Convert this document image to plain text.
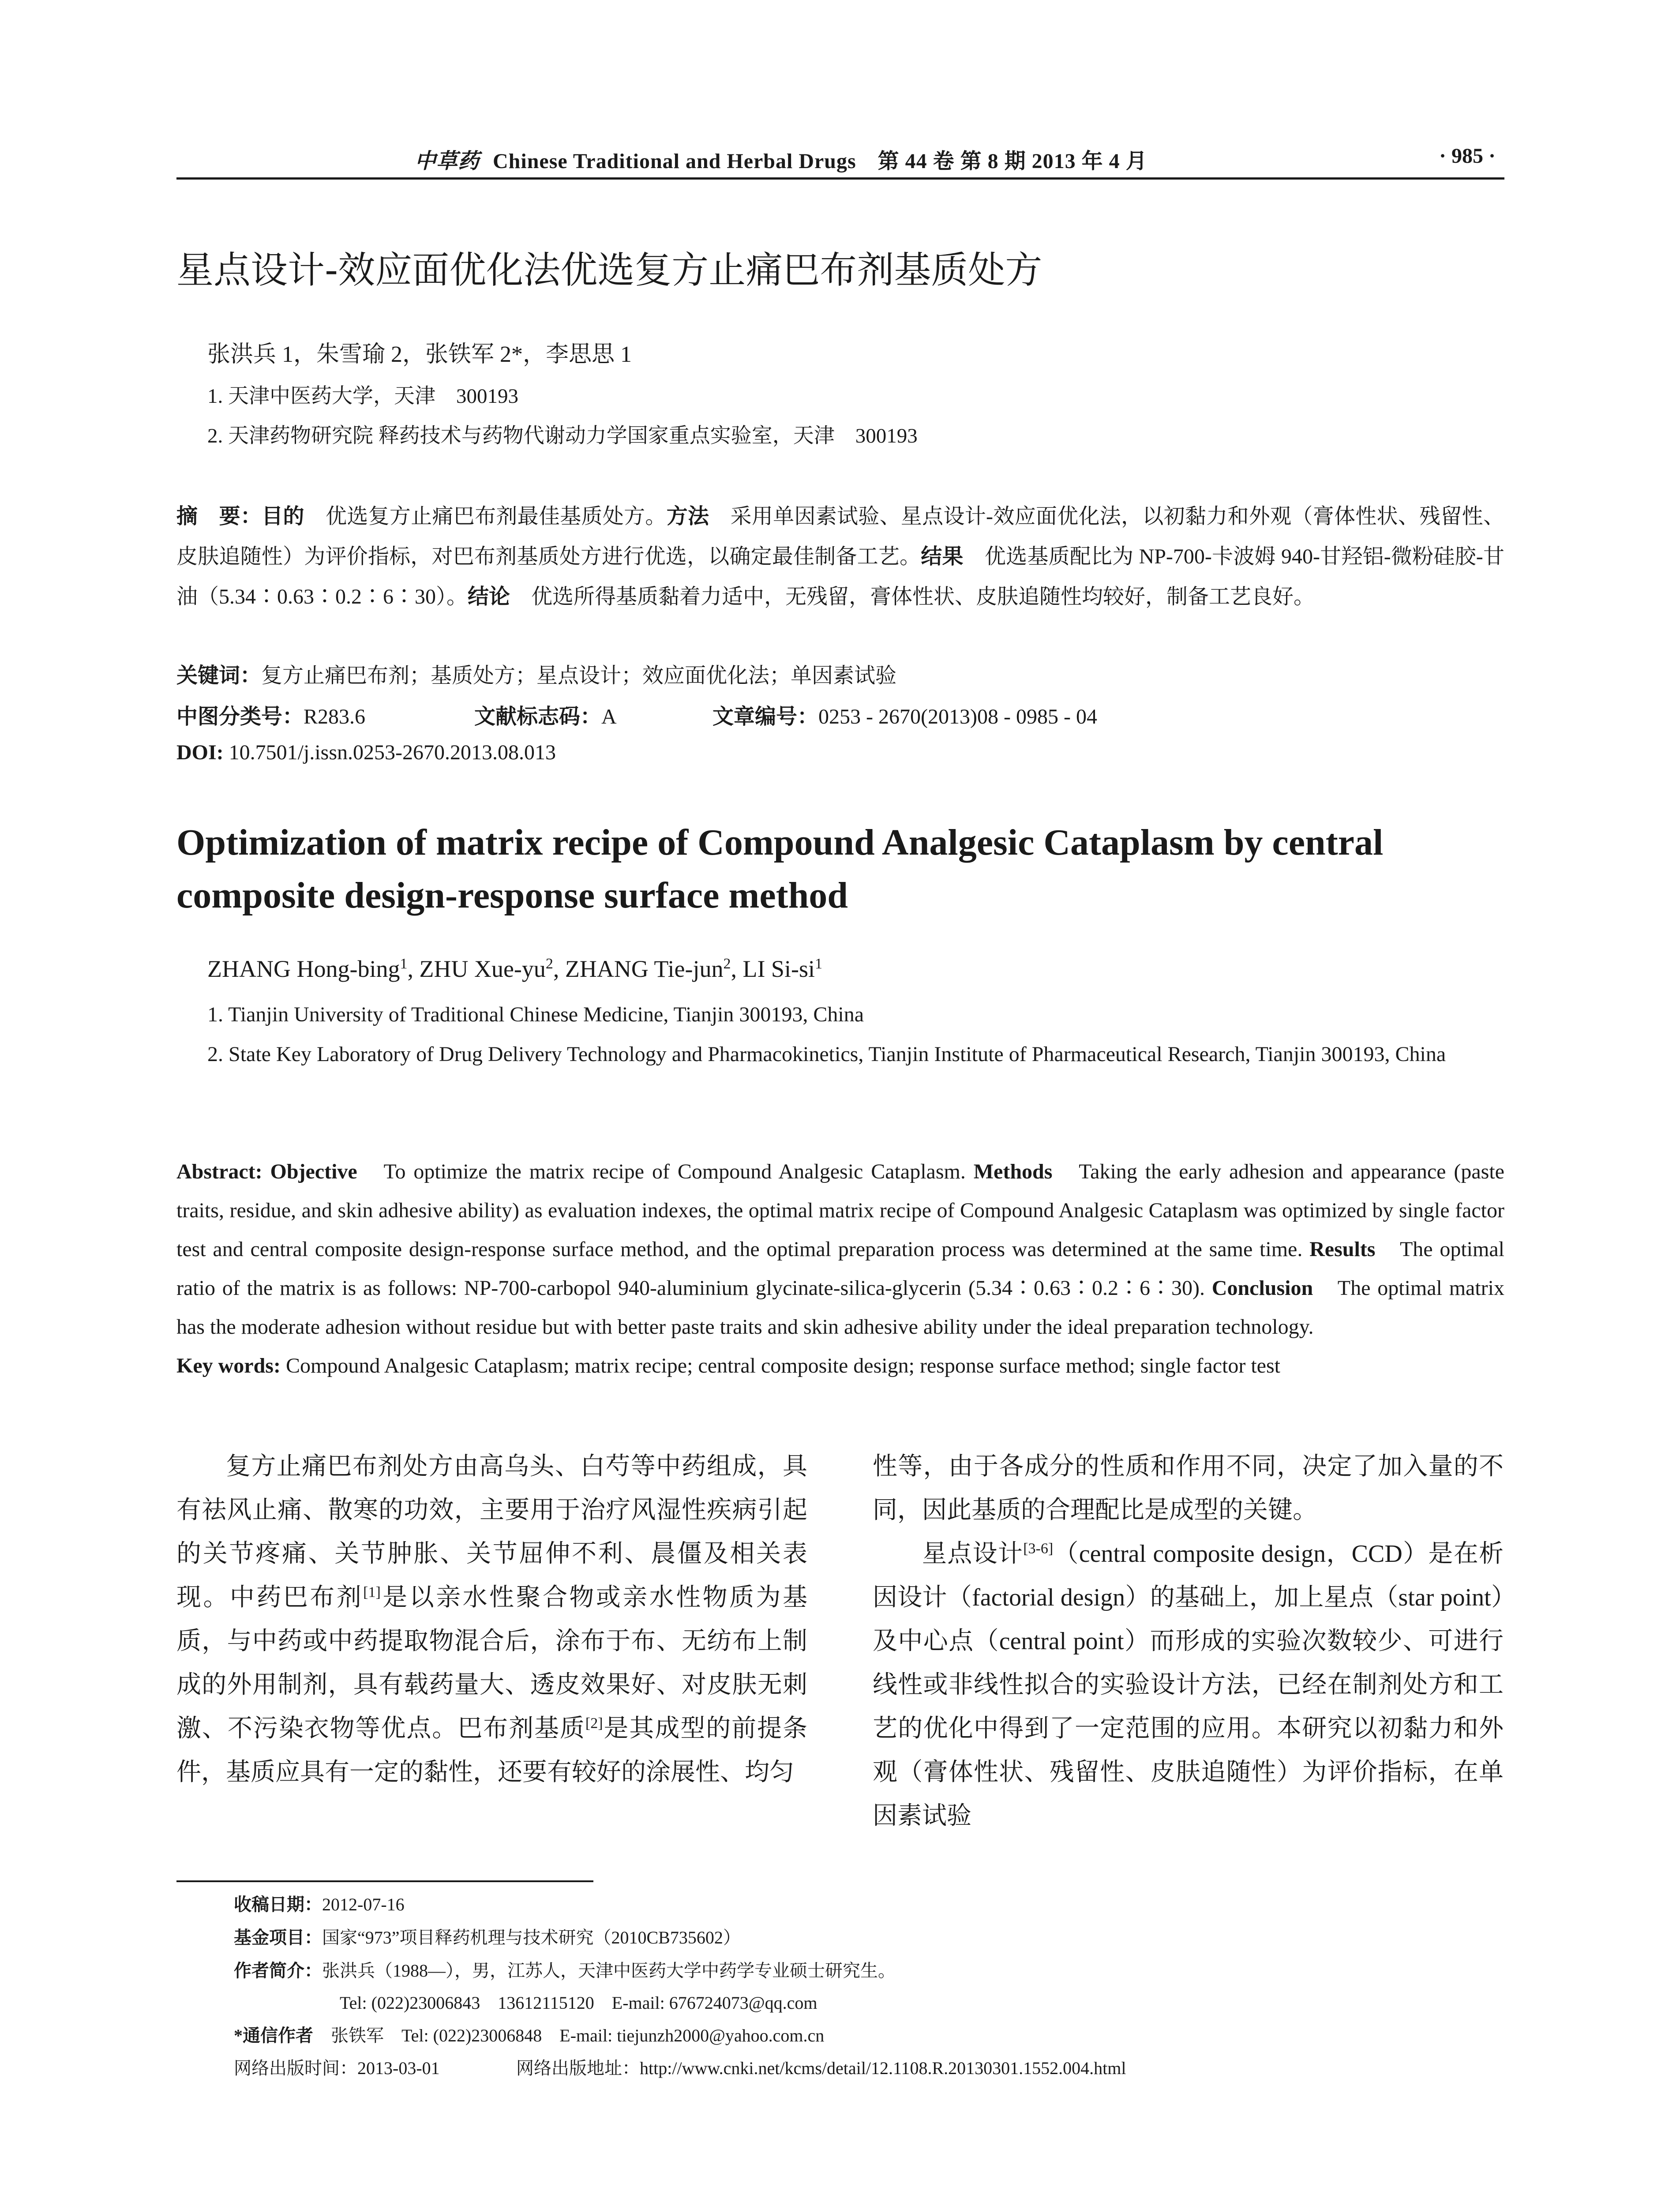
中草药 Chinese Traditional and Herbal Drugs　第 44 卷 第 8 期 2013 年 4 月	· 985 ·
星点设计-效应面优化法优选复方止痛巴布剂基质处方
张洪兵 1，朱雪瑜 2，张铁军 2*，李思思 1
1. 天津中医药大学，天津　300193
2. 天津药物研究院 释药技术与药物代谢动力学国家重点实验室，天津　300193
摘　要：目的　优选复方止痛巴布剂最佳基质处方。方法　采用单因素试验、星点设计-效应面优化法，以初黏力和外观（膏体性状、残留性、皮肤追随性）为评价指标，对巴布剂基质处方进行优选，以确定最佳制备工艺。结果　优选基质配比为 NP-700-卡波姆 940-甘羟铝-微粉硅胶-甘油（5.34∶0.63∶0.2∶6∶30）。结论　优选所得基质黏着力适中，无残留，膏体性状、皮肤追随性均较好，制备工艺良好。
关键词：复方止痛巴布剂；基质处方；星点设计；效应面优化法；单因素试验
中图分类号：R283.6	文献标志码：A	文章编号：0253 - 2670(2013)08 - 0985 - 04
DOI: 10.7501/j.issn.0253-2670.2013.08.013
Optimization of matrix recipe of Compound Analgesic Cataplasm by central composite design-response surface method
ZHANG Hong-bing$^1$, ZHU Xue-$yu^2$, ZHANG Tie-jun$^2$, LI $Si-si^1$
1. Tianjin University of Traditional Chinese Medicine, Tianjin 300193, China
2. State Key Laboratory of Drug Delivery Technology and Pharmacokinetics, Tianjin Institute of Pharmaceutical Research, Tianjin 300193, China

Abstract: Objective　To optimize the matrix recipe of Compound Analgesic Cataplasm. Methods　Taking the early adhesion and appearance (paste traits, residue, and skin adhesive ability) as evaluation indexes, the optimal matrix recipe of Compound Analgesic Cataplasm was optimized by single factor test and central composite design-response surface method, and the optimal preparation process was determined at the same time. Results　The optimal ratio of the matrix is as follows: NP-700-carbopol 940-aluminium glycinate-silica-glycerin (5.34∶0.63∶0.2∶6∶30). Conclusion　The optimal matrix has the moderate adhesion without residue but with better paste traits and skin adhesive ability under the ideal preparation technology.

Key words: Compound Analgesic Cataplasm; matrix recipe; central composite design; response surface method; single factor test

复方止痛巴布剂处方由高乌头、白芍等中药组成，具有祛风止痛、散寒的功效，主要用于治疗风湿性疾病引起的关节疼痛、关节肿胀、关节屈伸不利、晨僵及相关表现。中药巴布剂[1]是以亲水性聚合物或亲水性物质为基质，与中药或中药提取物混合后，涂布于布、无纺布上制成的外用制剂，具有载药量大、透皮效果好、对皮肤无刺激、不污染衣物等优点。巴布剂基质[2]是其成型的前提条件，基质应具有一定的黏性，还要有较好的涂展性、均匀

性等，由于各成分的性质和作用不同，决定了加入量的不同，因此基质的合理配比是成型的关键。

星点设计[3-6]（central composite design，CCD）是在析因设计（factorial design）的基础上，加上星点（star point）及中心点（central point）而形成的实验次数较少、可进行线性或非线性拟合的实验设计方法，已经在制剂处方和工艺的优化中得到了一定范围的应用。本研究以初黏力和外观（膏体性状、残留性、皮肤追随性）为评价指标，在单因素试验

收稿日期：2012-07-16
基金项目：国家“973”项目释药机理与技术研究（2010CB735602）
作者简介：张洪兵（1988—），男，江苏人，天津中医药大学中药学专业硕士研究生。
Tel: (022)23006843　13612115120　E-mail: 676724073@qq.com
*通信作者　张铁军　Tel: (022)23006848　E-mail: tiejunzh2000@yahoo.com.cn
网络出版时间：2013-03-01	网络出版地址：http://www.cnki.net/kcms/detail/12.1108.R.20130301.1552.004.html
